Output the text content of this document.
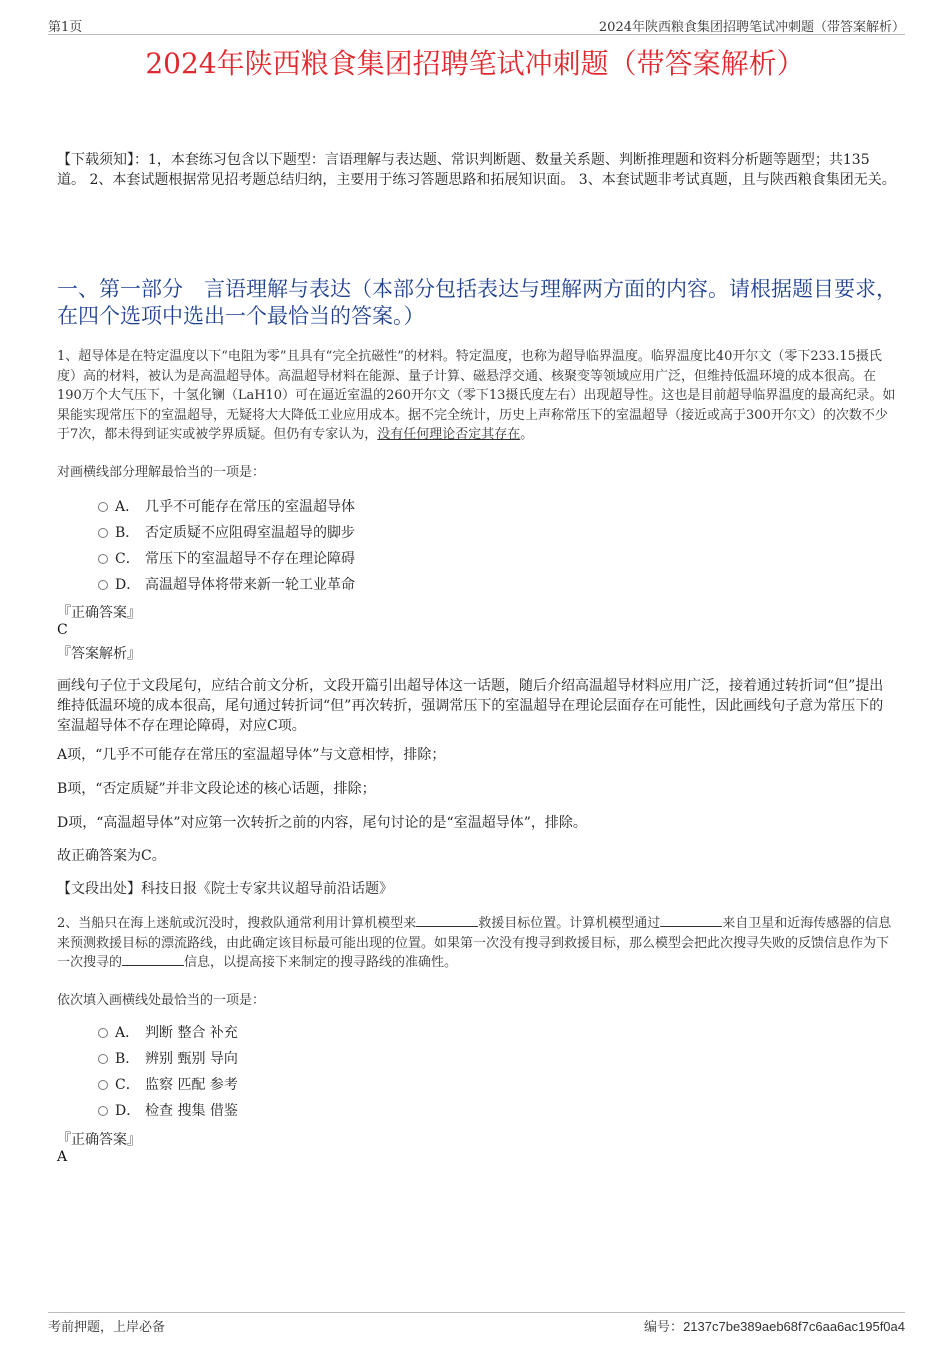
第1页	2024年陕西粮食集团招聘笔试冲刺题（带答案解析）
2024年陕西粮食集团招聘笔试冲刺题（带答案解析）
【下载须知】：1，本套练习包含以下题型：言语理解与表达题、常识判断题、数量关系题、判断推理题和资料分析题等题型；共135道。 2、本套试题根据常见招考题总结归纳，主要用于练习答题思路和拓展知识面。 3、本套试题非考试真题，且与陕西粮食集团无关。
一、第一部分　言语理解与表达（本部分包括表达与理解两方面的内容。请根据题目要求，在四个选项中选出一个最恰当的答案。）
1、超导体是在特定温度以下“电阻为零”且具有“完全抗磁性”的材料。特定温度，也称为超导临界温度。临界温度比40开尔文（零下233.15摄氏度）高的材料，被认为是高温超导体。高温超导材料在能源、量子计算、磁悬浮交通、核聚变等领域应用广泛，但维持低温环境的成本很高。在190万个大气压下，十氢化镧（LaH10）可在逼近室温的260开尔文（零下13摄氏度左右）出现超导性。这也是目前超导临界温度的最高纪录。如果能实现常压下的室温超导，无疑将大大降低工业应用成本。据不完全统计，历史上声称常压下的室温超导（接近或高于300开尔文）的次数不少于7次，都未得到证实或被学界质疑。但仍有专家认为，没有任何理论否定其存在。
对画横线部分理解最恰当的一项是：
A． 几乎不可能存在常压的室温超导体
B． 否定质疑不应阻碍室温超导的脚步
C． 常压下的室温超导不存在理论障碍
D． 高温超导体将带来新一轮工业革命
『正确答案』
C
『答案解析』
画线句子位于文段尾句，应结合前文分析，文段开篇引出超导体这一话题，随后介绍高温超导材料应用广泛，接着通过转折词“但”提出维持低温环境的成本很高，尾句通过转折词“但”再次转折，强调常压下的室温超导在理论层面存在可能性，因此画线句子意为常压下的室温超导体不存在理论障碍，对应C项。
A项，“几乎不可能存在常压的室温超导体”与文意相悖，排除；
B项，“否定质疑”并非文段论述的核心话题，排除；
D项，“高温超导体”对应第一次转折之前的内容，尾句讨论的是“室温超导体”，排除。
故正确答案为C。
【文段出处】科技日报《院士专家共议超导前沿话题》
2、当船只在海上迷航或沉没时，搜救队通常利用计算机模型来	救援目标位置。计算机模型通过	来自卫星和近海传感器的信息来预测救援目标的漂流路线，由此确定该目标最可能出现的位置。如果第一次没有搜寻到救援目标，那么模型会把此次搜寻失败的反馈信息作为下一次搜寻的	信息，以提高接下来制定的搜寻路线的准确性。
依次填入画横线处最恰当的一项是：
A． 判断 整合 补充
B． 辨别 甄别 导向
C． 监察 匹配 参考
D． 检查 搜集 借鉴
『正确答案』
A
考前押题，上岸必备	编号：2137c7be389aeb68f7c6aa6ac195f0a4
